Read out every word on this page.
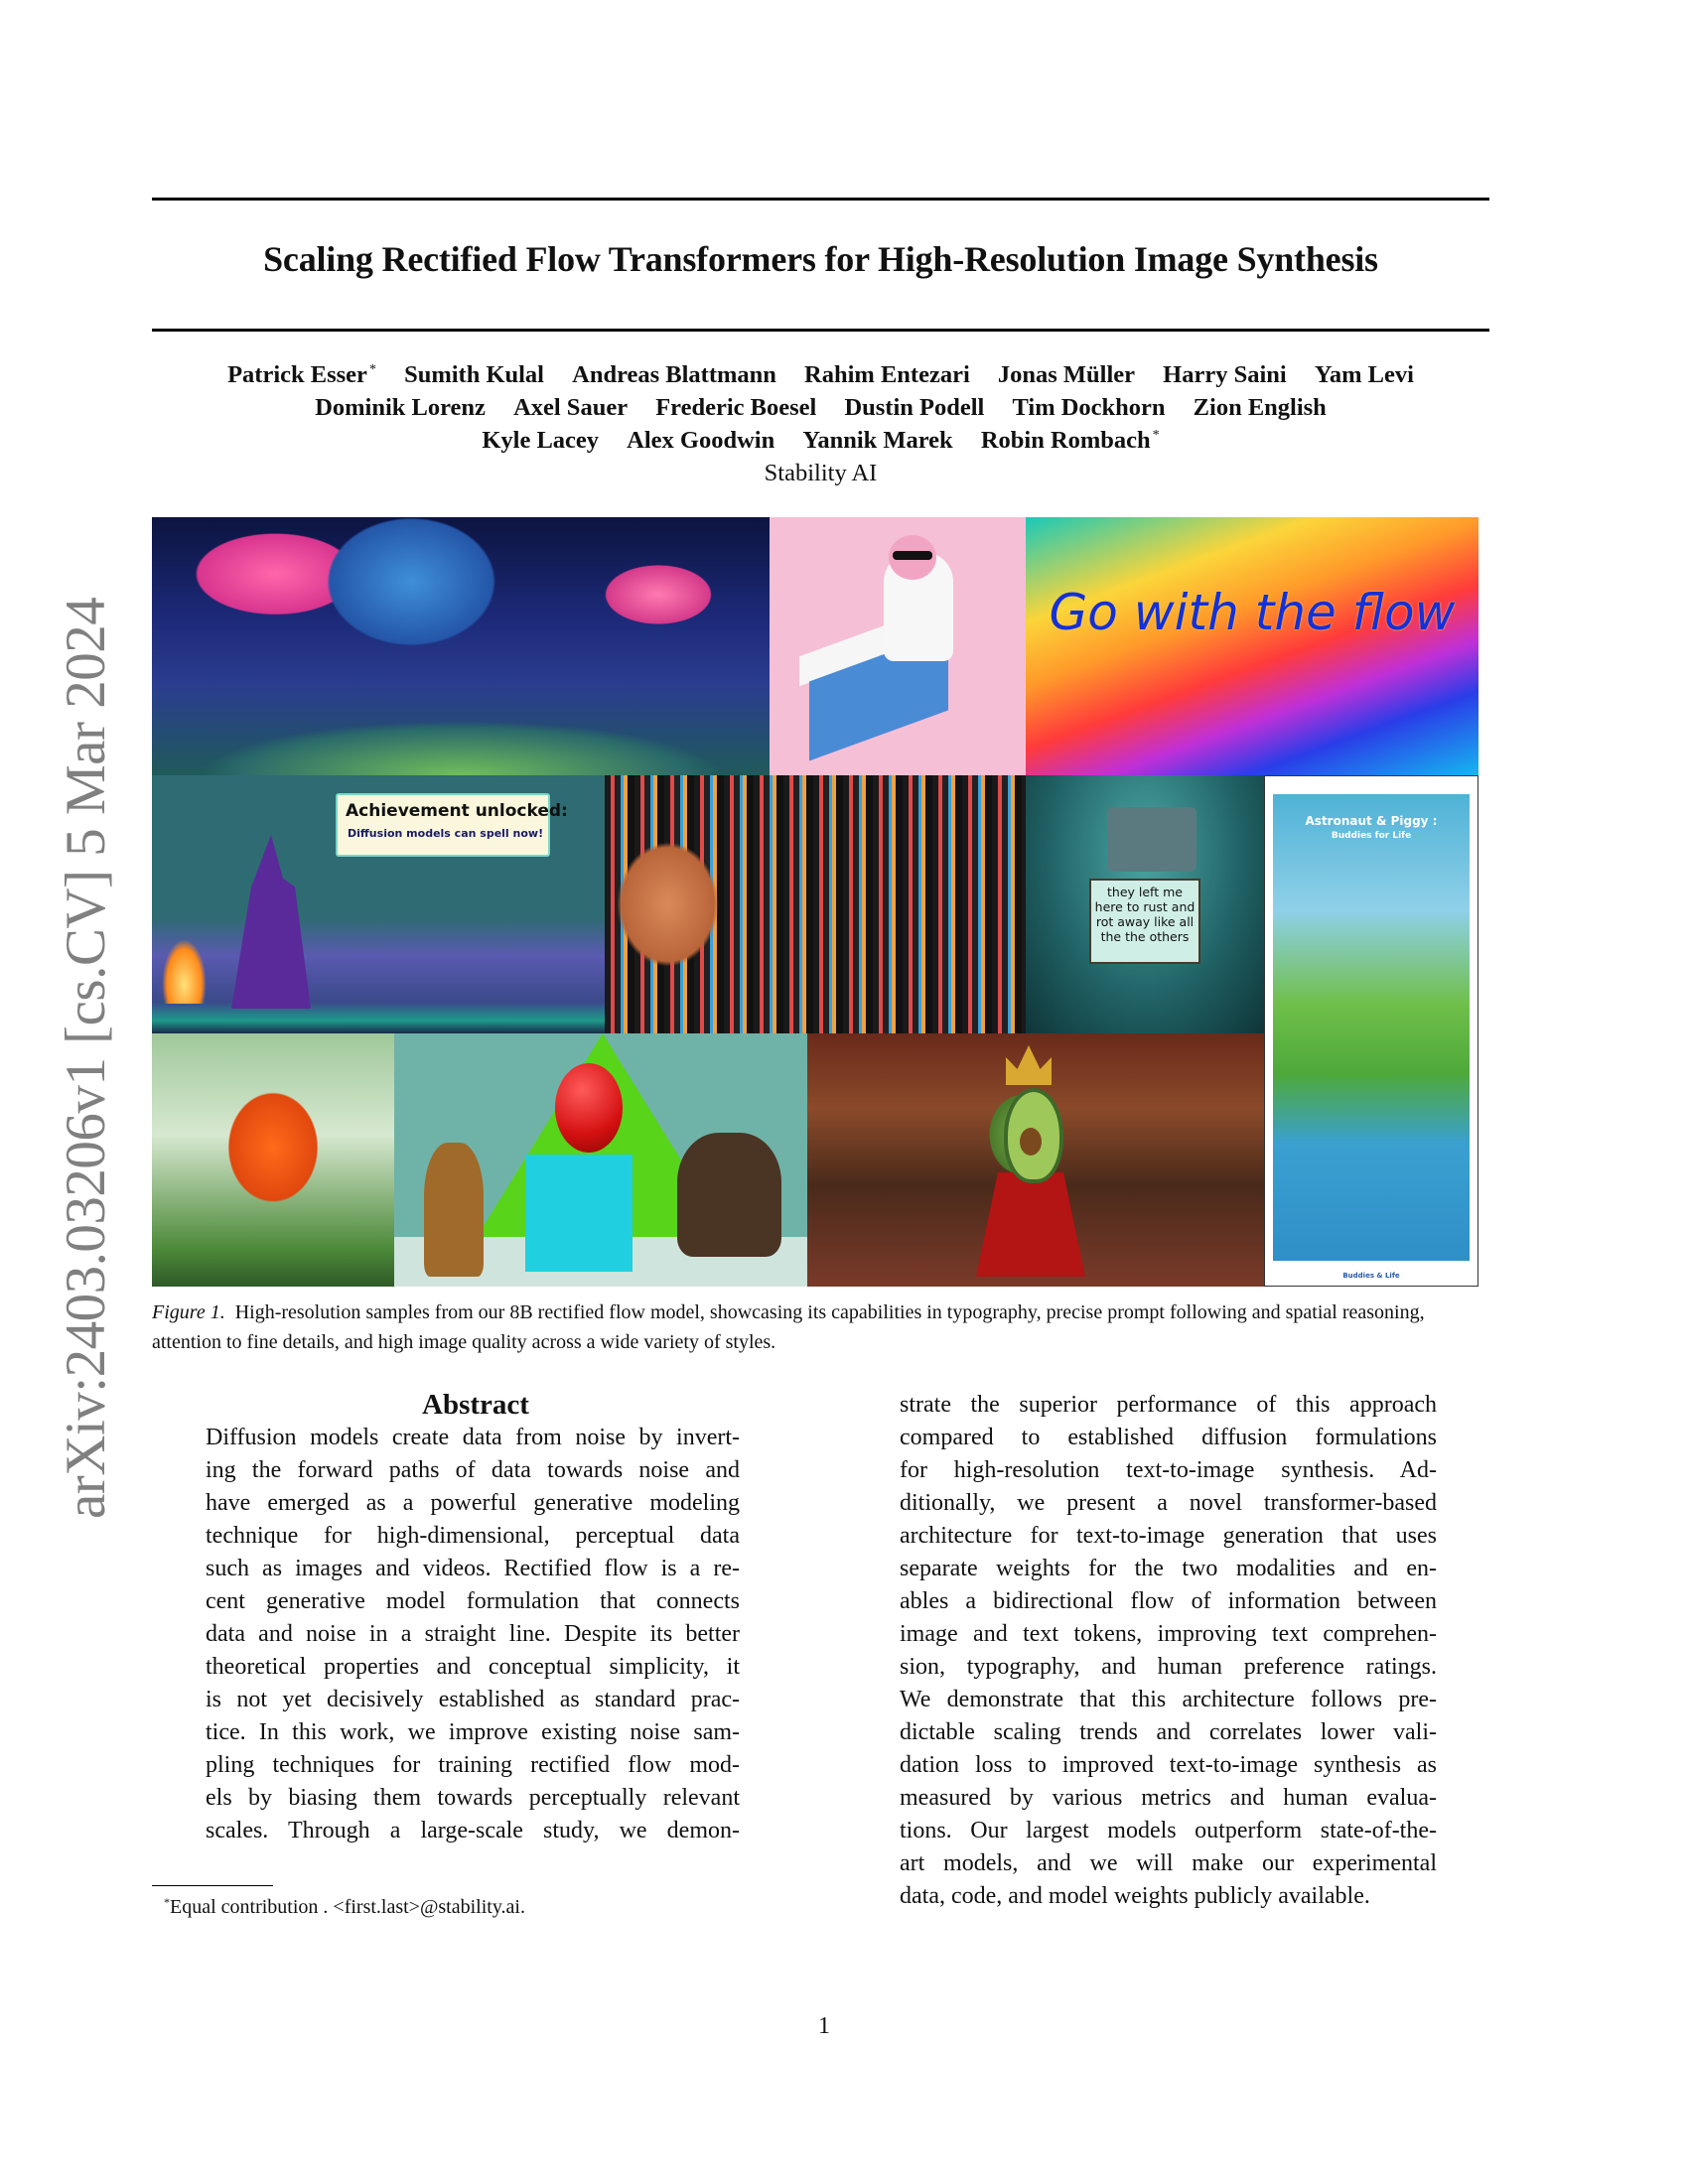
Scaling Rectified Flow Transformers for High-Resolution Image Synthesis
Patrick Esser * Sumith Kulal Andreas Blattmann Rahim Entezari Jonas Müller Harry Saini Yam Levi
Dominik Lorenz Axel Sauer Frederic Boesel Dustin Podell Tim Dockhorn Zion English
Kyle Lacey Alex Goodwin Yannik Marek Robin Rombach *
Stability AI
arXiv:2403.03206v1 [cs.CV] 5 Mar 2024	Go with the flow
Achievement unlocked:
Diffusion models can spell now!
they left me here to rust and rot away like all the the others
Astronaut & Piggy :
Buddies for Life
Buddies & Life
Figure 1. High-resolution samples from our 8B rectified flow model, showcasing its capabilities in typography, precise prompt following and spatial reasoning, attention to fine details, and high image quality across a wide variety of styles.
Abstract
Diffusion models create data from noise by invert-
ing the forward paths of data towards noise and
have emerged as a powerful generative modeling
technique for high-dimensional, perceptual data
such as images and videos. Rectified flow is a re-
cent generative model formulation that connects
data and noise in a straight line. Despite its better
theoretical properties and conceptual simplicity, it
is not yet decisively established as standard prac-
tice. In this work, we improve existing noise sam-
pling techniques for training rectified flow mod-
els by biasing them towards perceptually relevant
scales. Through a large-scale study, we demon-
strate the superior performance of this approach
compared to established diffusion formulations
for high-resolution text-to-image synthesis. Ad-
ditionally, we present a novel transformer-based
architecture for text-to-image generation that uses
separate weights for the two modalities and en-
ables a bidirectional flow of information between
image and text tokens, improving text comprehen-
sion, typography, and human preference ratings.
We demonstrate that this architecture follows pre-
dictable scaling trends and correlates lower vali-
dation loss to improved text-to-image synthesis as
measured by various metrics and human evalua-
tions. Our largest models outperform state-of-the-
art models, and we will make our experimental
data, code, and model weights publicly available.
*Equal contribution . <first.last>@stability.ai.
1
